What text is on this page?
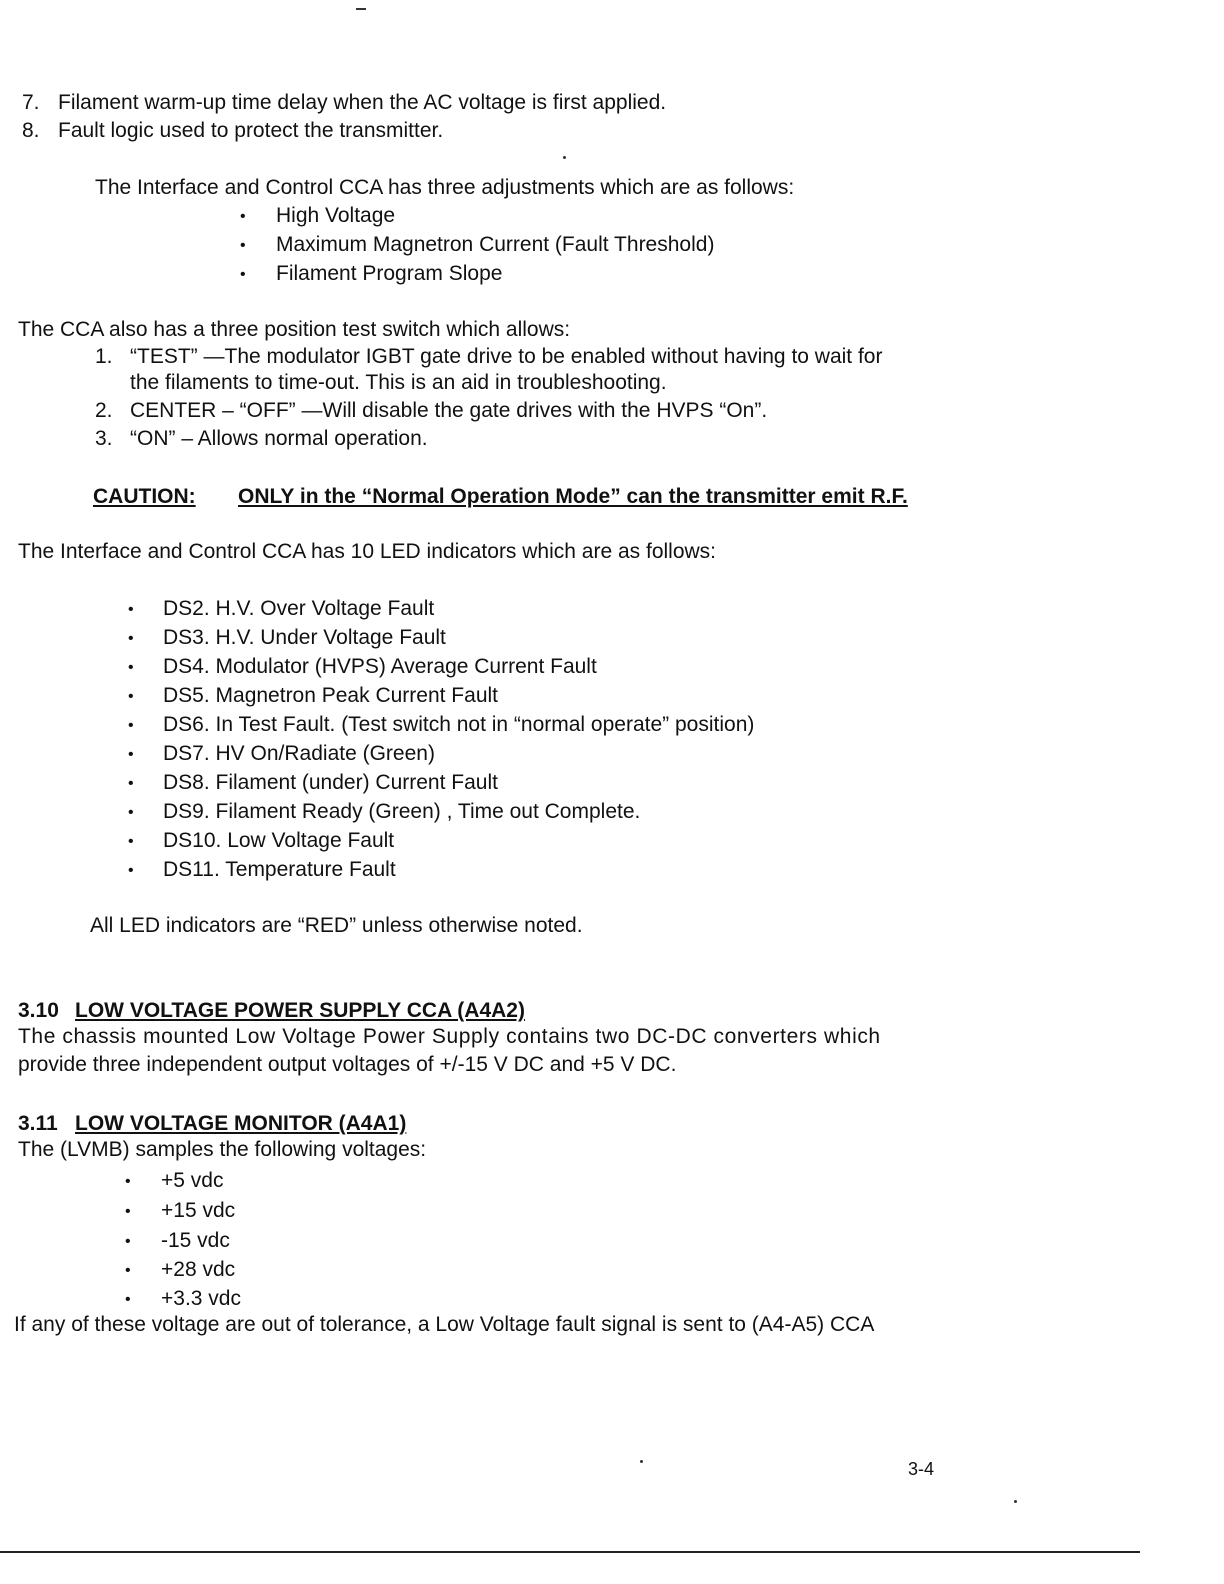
7. Filament warm-up time delay when the AC voltage is first applied.
8. Fault logic used to protect the transmitter.
The Interface and Control CCA has three adjustments which are as follows:
• High Voltage
• Maximum Magnetron Current (Fault Threshold)
• Filament Program Slope
The CCA also has a three position test switch which allows:
1. “TEST” —The modulator IGBT gate drive to be enabled without having to wait for
the filaments to time-out. This is an aid in troubleshooting.
2. CENTER – “OFF” —Will disable the gate drives with the HVPS “On”.
3. “ON” – Allows normal operation.
CAUTION: ONLY in the “Normal Operation Mode” can the transmitter emit R.F.
The Interface and Control CCA has 10 LED indicators which are as follows:
• DS2. H.V. Over Voltage Fault
• DS3. H.V. Under Voltage Fault
• DS4. Modulator (HVPS) Average Current Fault
• DS5. Magnetron Peak Current Fault
• DS6. In Test Fault. (Test switch not in “normal operate” position)
• DS7. HV On/Radiate (Green)
• DS8. Filament (under) Current Fault
• DS9. Filament Ready (Green) , Time out Complete.
• DS10. Low Voltage Fault
• DS11. Temperature Fault
All LED indicators are “RED” unless otherwise noted.
3.10 LOW VOLTAGE POWER SUPPLY CCA (A4A2)
The chassis mounted Low Voltage Power Supply contains two DC-DC converters which
provide three independent output voltages of +/-15 V DC and +5 V DC.
3.11 LOW VOLTAGE MONITOR (A4A1)
The (LVMB) samples the following voltages:
• +5 vdc
• +15 vdc
• -15 vdc
• +28 vdc
• +3.3 vdc
If any of these voltage are out of tolerance, a Low Voltage fault signal is sent to (A4-A5) CCA
3-4
